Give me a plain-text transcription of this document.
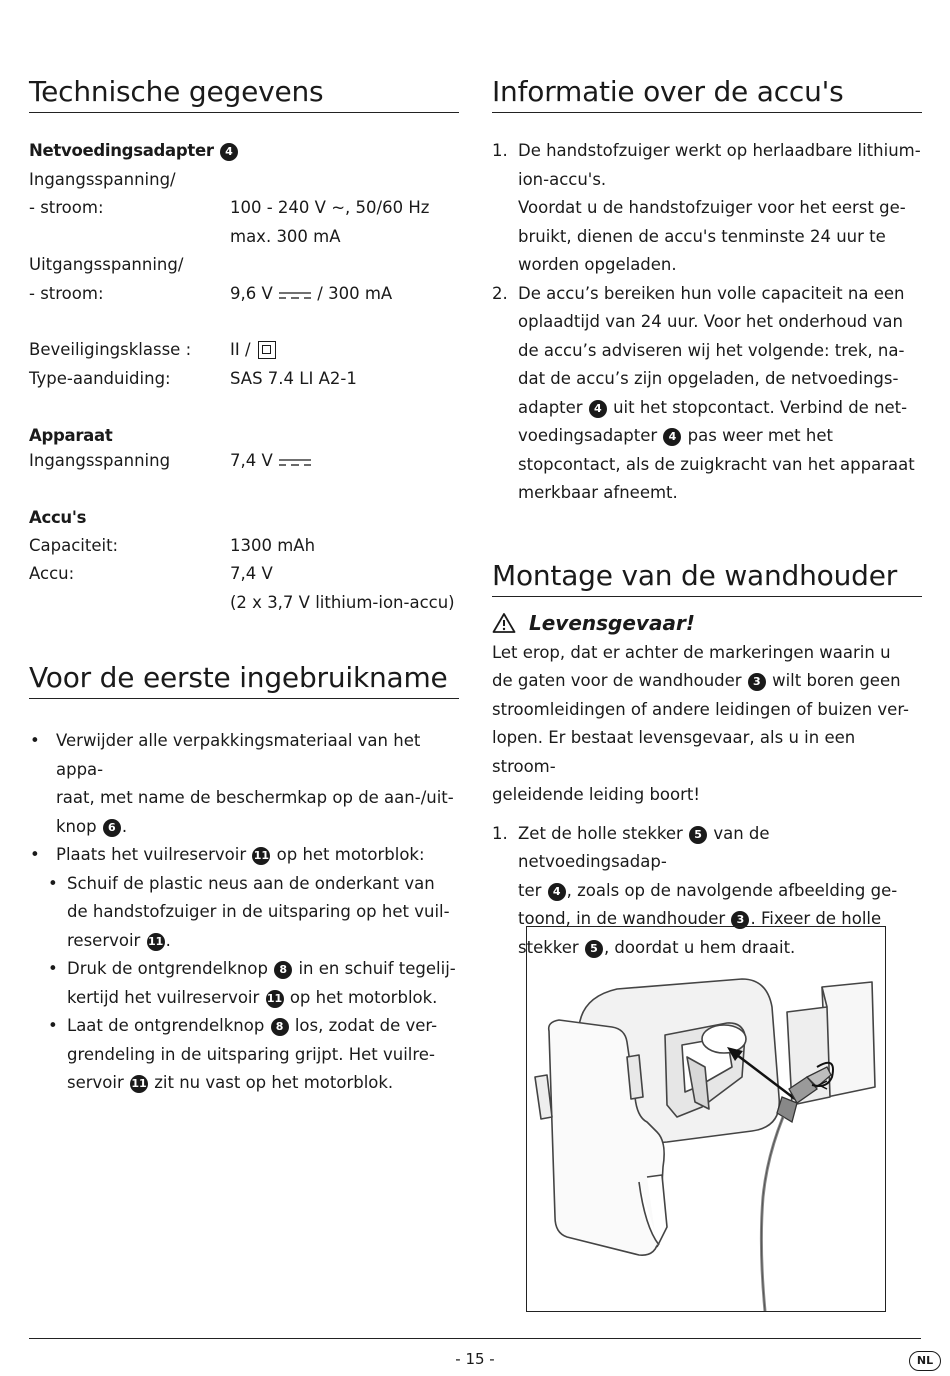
Technische gegevens
Netvoedingsadapter 4
Ingangsspanning/
- stroom:	100 - 240 V ~, 50/60 Hz
max. 300 mA
Uitgangsspanning/
- stroom:	9,6 V	/ 300 mA
Beveiligingsklasse :	II /
Type-aanduiding:	SAS 7.4 LI A2-1
Apparaat
Ingangsspanning	7,4 V
Accu's
Capaciteit:	1300 mAh
Accu:	7,4 V
(2 x 3,7 V lithium-ion-accu)
Voor de eerste ingebruikname
• Verwijder alle verpakkingsmateriaal van het appa-
raat, met name de beschermkap op de aan-/uit-
knop 6 .
• Plaats het vuilreservoir 11 op het motorblok:
• Schuif de plastic neus aan de onderkant van
de handstofzuiger in de uitsparing op het vuil-
reservoir 11 .
• Druk de ontgrendelknop 8 in en schuif tegelij-
kertijd het vuilreservoir 11 op het motorblok.
• Laat de ontgrendelknop 8 los, zodat de ver-
grendeling in de uitsparing grijpt. Het vuilre-
servoir 11 zit nu vast op het motorblok.
Informatie over de accu's
1. De handstofzuiger werkt op herlaadbare lithium-
ion-accu's.
Voordat u de handstofzuiger voor het eerst ge-
bruikt, dienen de accu's tenminste 24 uur te
worden opgeladen.
2. De accu’s bereiken hun volle capaciteit na een
oplaadtijd van 24 uur. Voor het onderhoud van
de accu’s adviseren wij het volgende: trek, na-
dat de accu’s zijn opgeladen, de netvoedings-
adapter 4 uit het stopcontact. Verbind de net-
voedingsadapter 4 pas weer met het
stopcontact, als de zuigkracht van het apparaat
merkbaar afneemt.
Montage van de wandhouder
Levensgevaar!
Let erop, dat er achter de markeringen waarin u
de gaten voor de wandhouder 3 wilt boren geen
stroomleidingen of andere leidingen of buizen ver-
lopen. Er bestaat levensgevaar, als u in een stroom-
geleidende leiding boort!
1. Zet de holle stekker 5 van de netvoedingsadap-
ter 4 , zoals op de navolgende afbeelding ge-
toond, in de wandhouder 3 . Fixeer de holle
stekker 5 , doordat u hem draait.
- 15 -	NL
